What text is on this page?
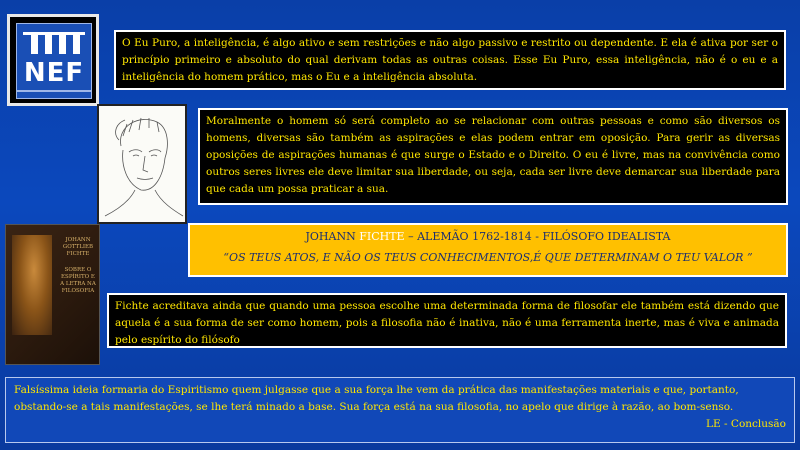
NEF
JOHANN
GOTTLIEB
FICHTE
SOBRE O
ESPÍRITO E
A LETRA NA
FILOSOFIA
O Eu Puro, a inteligência, é algo ativo e sem restrições e não algo passivo e restrito ou dependente. E ela é ativa por ser o princípio primeiro e absoluto do qual derivam todas as outras coisas. Esse Eu Puro, essa inteligência, não é o eu e a inteligência do homem prático, mas o Eu e a inteligência absoluta.
Moralmente o homem só será completo ao se relacionar com outras pessoas e como são diversos os homens, diversas são também as aspirações e elas podem entrar em oposição. Para gerir as diversas oposições de aspirações humanas é que surge o Estado e o Direito. O eu é livre, mas na convivência como outros seres livres ele deve limitar sua liberdade, ou seja, cada ser livre deve demarcar sua liberdade para que cada um possa praticar a sua.
JOHANN FICHTE – ALEMÃO 1762-1814 - FILÓSOFO IDEALISTA
“OS TEUS ATOS, E NÃO OS TEUS CONHECIMENTOS,É QUE DETERMINAM O TEU VALOR ”
Fichte acreditava ainda que quando uma pessoa escolhe uma determinada forma de filosofar ele também está dizendo que aquela é a sua forma de ser como homem, pois a filosofia não é inativa, não é uma ferramenta inerte, mas é viva e animada pelo espírito do filósofo
Falsíssima ideia formaria do Espiritismo quem julgasse que a sua força lhe vem da prática das manifestações materiais e que, portanto, obstando-se a tais manifestações, se lhe terá minado a base. Sua força está na sua filosofia, no apelo que dirige à razão, ao bom-senso.
LE - Conclusão
